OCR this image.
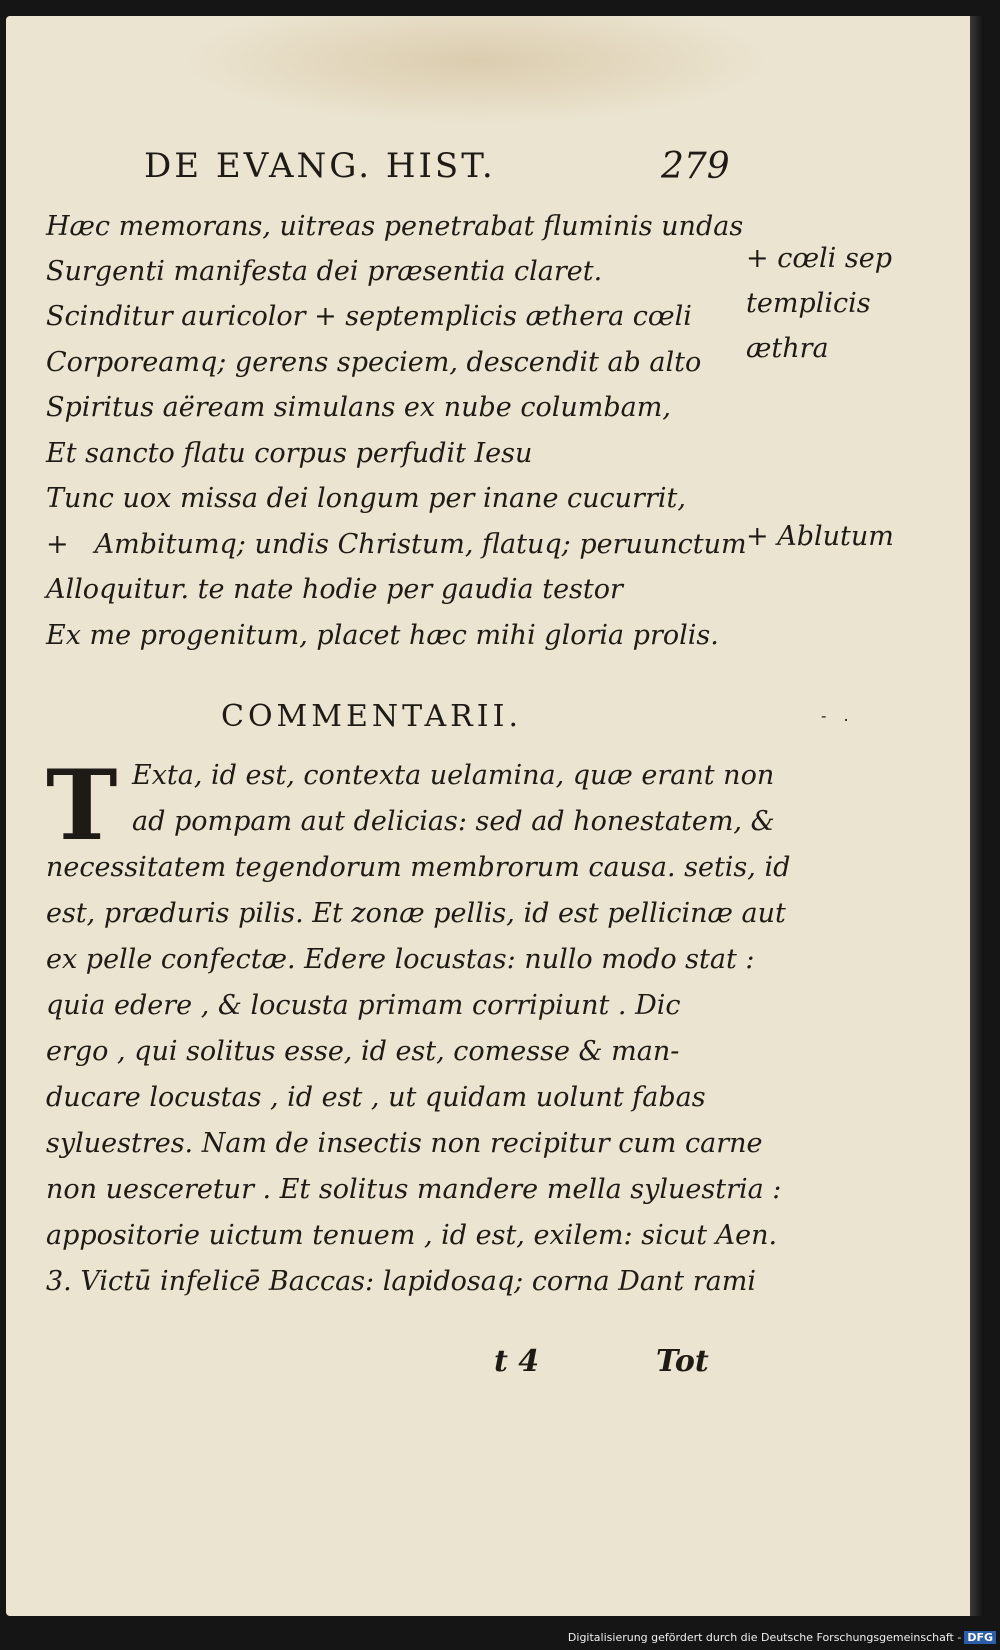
DE EVANG. HIST.	279
Hæc memorans, uitreas penetrabat fluminis undas
Surgenti manifesta dei præsentia claret.
Scinditur auricolor + septemplicis æthera cœli
Corporeamq; gerens speciem, descendit ab alto
Spiritus aëream simulans ex nube columbam,
Et sancto flatu corpus perfudit Iesu
Tunc uox missa dei longum per inane cucurrit,
+ Ambitumq; undis Christum, flatuq; peruunctum
Alloquitur. te nate hodie per gaudia testor
Ex me progenitum, placet hæc mihi gloria prolis.
+ cœli sep
templicis
æthra
+ Ablutum
COMMENTARII.	- .
T Exta, id est, contexta uelamina, quæ erant non
ad pompam aut delicias: sed ad honestatem, &
necessitatem tegendorum membrorum causa. setis, id
est, præduris pilis. Et zonæ pellis, id est pellicinæ aut
ex pelle confectæ. Edere locustas: nullo modo stat :
quia edere , & locusta primam corripiunt . Dic
ergo , qui solitus esse, id est, comesse & man-
ducare locustas , id est , ut quidam uolunt fabas
syluestres. Nam de insectis non recipitur cum carne
non uesceretur . Et solitus mandere mella syluestria :
appositorie uictum tenuem , id est, exilem: sicut Aen.
3. Victū infelicē Baccas: lapidosaq; corna Dant rami
t 4	Tot
Digitalisierung gefördert durch die Deutsche Forschungsgemeinschaft - DFG
